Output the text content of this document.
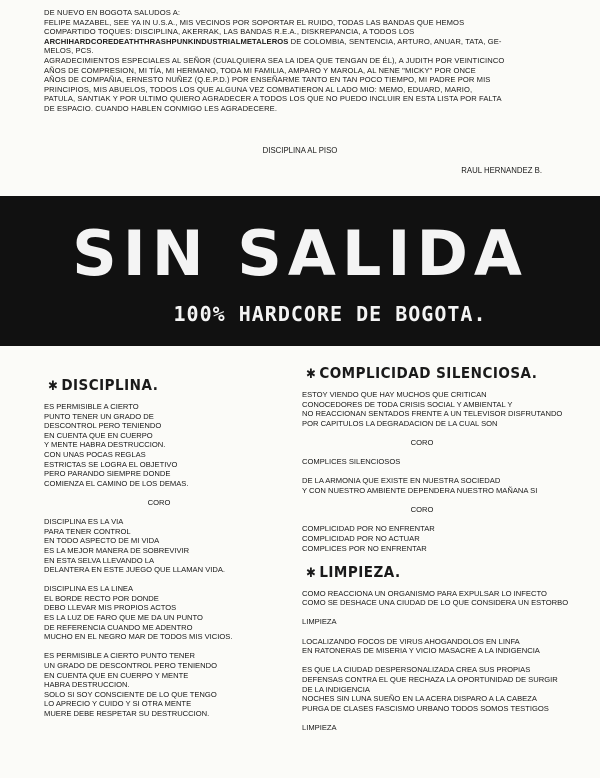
DE NUEVO EN BOGOTA SALUDOS A:

FELIPE MAZABEL, SEE YA IN U.S.A., MIS VECINOS POR SOPORTAR EL RUIDO, TODAS LAS BANDAS QUE HEMOS

COMPARTIDO TOQUES: DISCIPLINA, AKERRAK, LAS BANDAS R.E.A., DISKREPANCIA, A TODOS LOS

ARCHIHARDCOREDEATHTHRASHPUNKINDUSTRIALMETALEROS DE COLOMBIA, SENTENCIA, ARTURO, ANUAR, TATA, GE-

MELOS, PCS.

AGRADECIMIENTOS ESPECIALES AL SEÑOR (CUALQUIERA SEA LA IDEA QUE TENGAN DE ÉL), A JUDITH POR VEINTICINCO

AÑOS DE COMPRESION, MI TÍA, MI HERMANO, TODA MI FAMILIA, AMPARO Y MAROLA, AL NENE "MICKY" POR ONCE

AÑOS DE COMPAÑIA, ERNESTO NUÑEZ (Q.E.P.D.) POR ENSEÑARME TANTO EN TAN POCO TIEMPO, MI PADRE POR MIS

PRINCIPIOS, MIS ABUELOS, TODOS LOS QUE ALGUNA VEZ COMBATIERON AL LADO MIO: MEMO, EDUARD, MARIO,

PATULA, SANTIAK Y POR ULTIMO QUIERO AGRADECER A TODOS LOS QUE NO PUEDO INCLUIR EN ESTA LISTA POR FALTA

DE ESPACIO. CUANDO HABLEN CONMIGO LES AGRADECERE.

DISCIPLINA AL PISO
RAUL HERNANDEZ B.
SIN SALIDA
100% HARDCORE DE BOGOTA.
✱ DISCIPLINA.
ES PERMISIBLE A CIERTO
PUNTO TENER UN GRADO DE
DESCONTROL PERO TENIENDO
EN CUENTA QUE EN CUERPO
Y MENTE HABRA DESTRUCCION.
CON UNAS POCAS REGLAS
ESTRICTAS SE LOGRA EL OBJETIVO
PERO PARANDO SIEMPRE DONDE
COMIENZA EL CAMINO DE LOS DEMAS.
CORO
DISCIPLINA ES LA VIA
PARA TENER CONTROL
EN TODO ASPECTO DE MI VIDA
ES LA MEJOR MANERA DE SOBREVIVIR
EN ESTA SELVA LLEVANDO LA
DELANTERA EN ESTE JUEGO QUE LLAMAN VIDA.
DISCIPLINA ES LA LINEA
EL BORDE RECTO POR DONDE
DEBO LLEVAR MIS PROPIOS ACTOS
ES LA LUZ DE FARO QUE ME DA UN PUNTO
DE REFERENCIA CUANDO ME ADENTRO
MUCHO EN EL NEGRO MAR DE TODOS MIS VICIOS.
ES PERMISIBLE A CIERTO PUNTO TENER
UN GRADO DE DESCONTROL PERO TENIENDO
EN CUENTA QUE EN CUERPO Y MENTE
HABRA DESTRUCCION.
SOLO SI SOY CONSCIENTE DE LO QUE TENGO
LO APRECIO Y CUIDO Y SI OTRA MENTE
MUERE DEBE RESPETAR SU DESTRUCCION.
✱ COMPLICIDAD SILENCIOSA.
ESTOY VIENDO QUE HAY MUCHOS QUE CRITICAN
CONOCEDORES DE TODA CRISIS SOCIAL Y AMBIENTAL Y
NO REACCIONAN SENTADOS FRENTE A UN TELEVISOR DISFRUTANDO
POR CAPITULOS LA DEGRADACION DE LA CUAL SON
CORO
COMPLICES SILENCIOSOS
DE LA ARMONIA QUE EXISTE EN NUESTRA SOCIEDAD
Y CON NUESTRO AMBIENTE DEPENDERA NUESTRO MAÑANA SI
CORO
COMPLICIDAD POR NO ENFRENTAR
COMPLICIDAD POR NO ACTUAR
COMPLICES POR NO ENFRENTAR
✱ LIMPIEZA.
COMO REACCIONA UN ORGANISMO PARA EXPULSAR LO INFECTO
COMO SE DESHACE UNA CIUDAD DE LO QUE CONSIDERA UN ESTORBO
LIMPIEZA
LOCALIZANDO FOCOS DE VIRUS AHOGANDOLOS EN LINFA
EN RATONERAS DE MISERIA Y VICIO MASACRE A LA INDIGENCIA
ES QUE LA CIUDAD DESPERSONALIZADA CREA SUS PROPIAS
DEFENSAS CONTRA EL QUE RECHAZA LA OPORTUNIDAD DE SURGIR
DE LA INDIGENCIA
NOCHES SIN LUNA SUEÑO EN LA ACERA DISPARO A LA CABEZA
PURGA DE CLASES FASCISMO URBANO TODOS SOMOS TESTIGOS
LIMPIEZA
